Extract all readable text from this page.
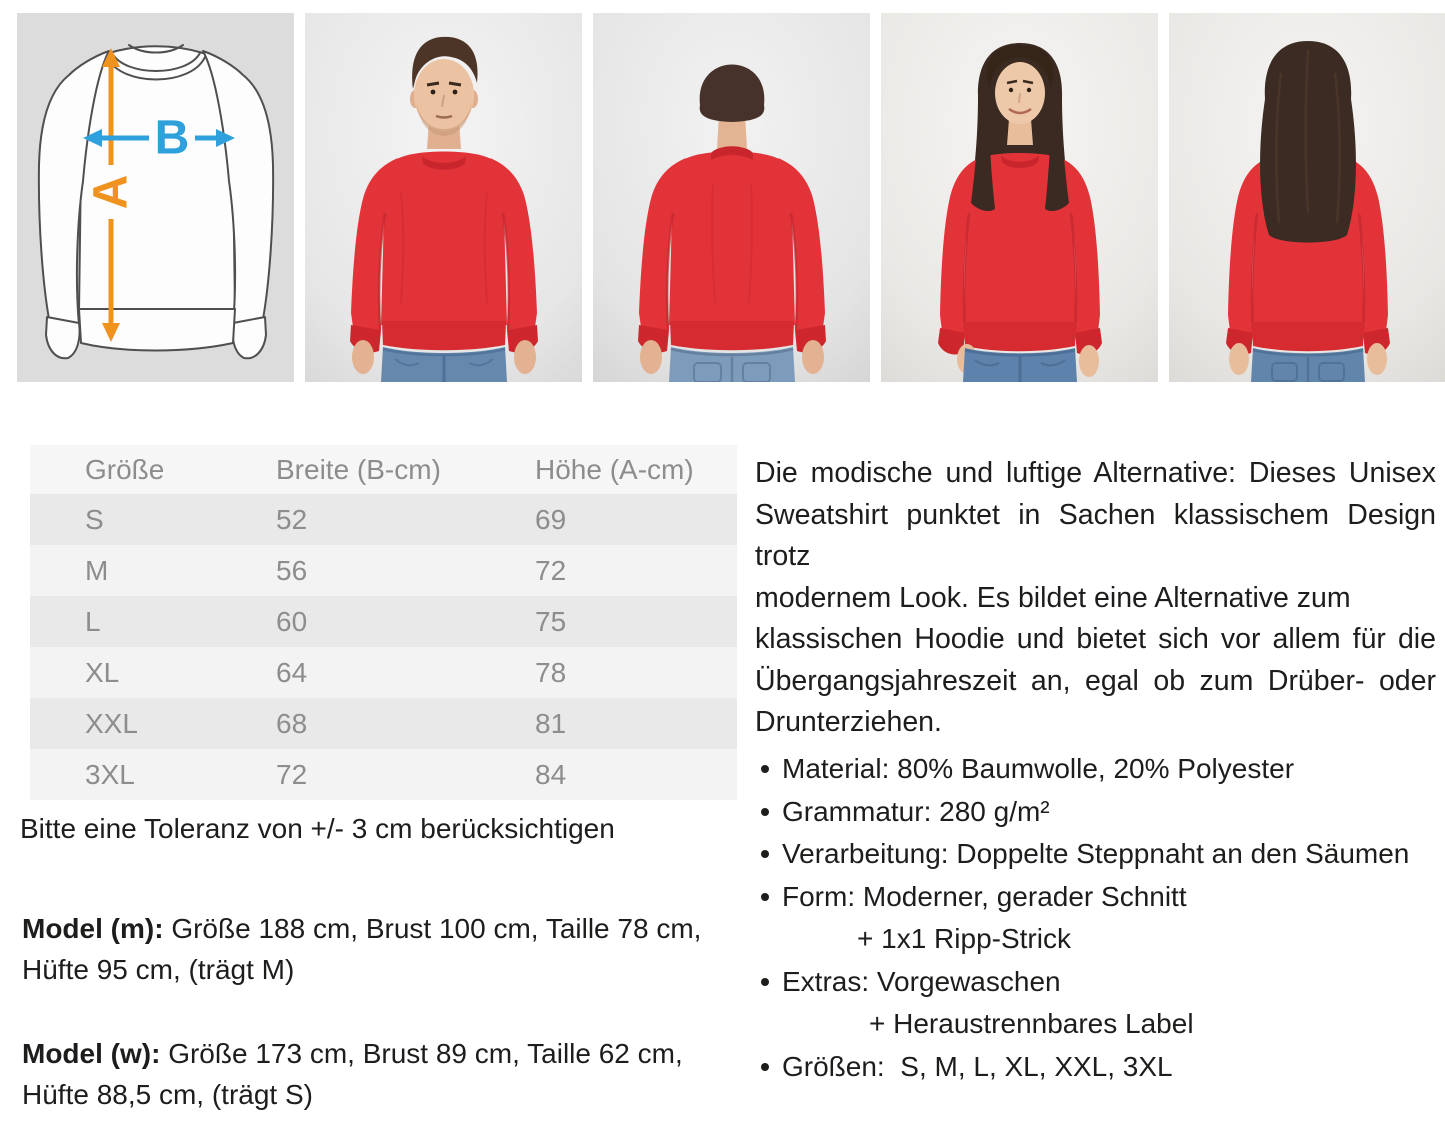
A
B
Größe	Breite (B-cm)	Höhe (A-cm)
S	52	69
M	56	72
L	60	75
XL	64	78
XXL	68	81
3XL	72	84
Bitte eine Toleranz von +/- 3 cm berücksichtigen
Model (m): Größe 188 cm, Brust 100 cm, Taille 78 cm, Hüfte 95 cm, (trägt M)
Model (w): Größe 173 cm, Brust 89 cm, Taille 62 cm, Hüfte 88,5 cm, (trägt S)
Die modische und luftige Alternative: Dieses Unisex
Sweatshirt punktet in Sachen klassischem Design trotz
modernem Look. Es bildet eine Alternative zum
klassischen Hoodie und bietet sich vor allem für die
Übergangsjahreszeit an, egal ob zum Drüber- oder
Drunterziehen.
Material: 80% Baumwolle, 20% Polyester
Grammatur: 280 g/m²
Verarbeitung: Doppelte Steppnaht an den Säumen
Form: Moderner, gerader Schnitt
+ 1x1 Ripp-Strick
Extras: Vorgewaschen
+ Heraustrennbares Label
Größen:  S, M, L, XL, XXL, 3XL
